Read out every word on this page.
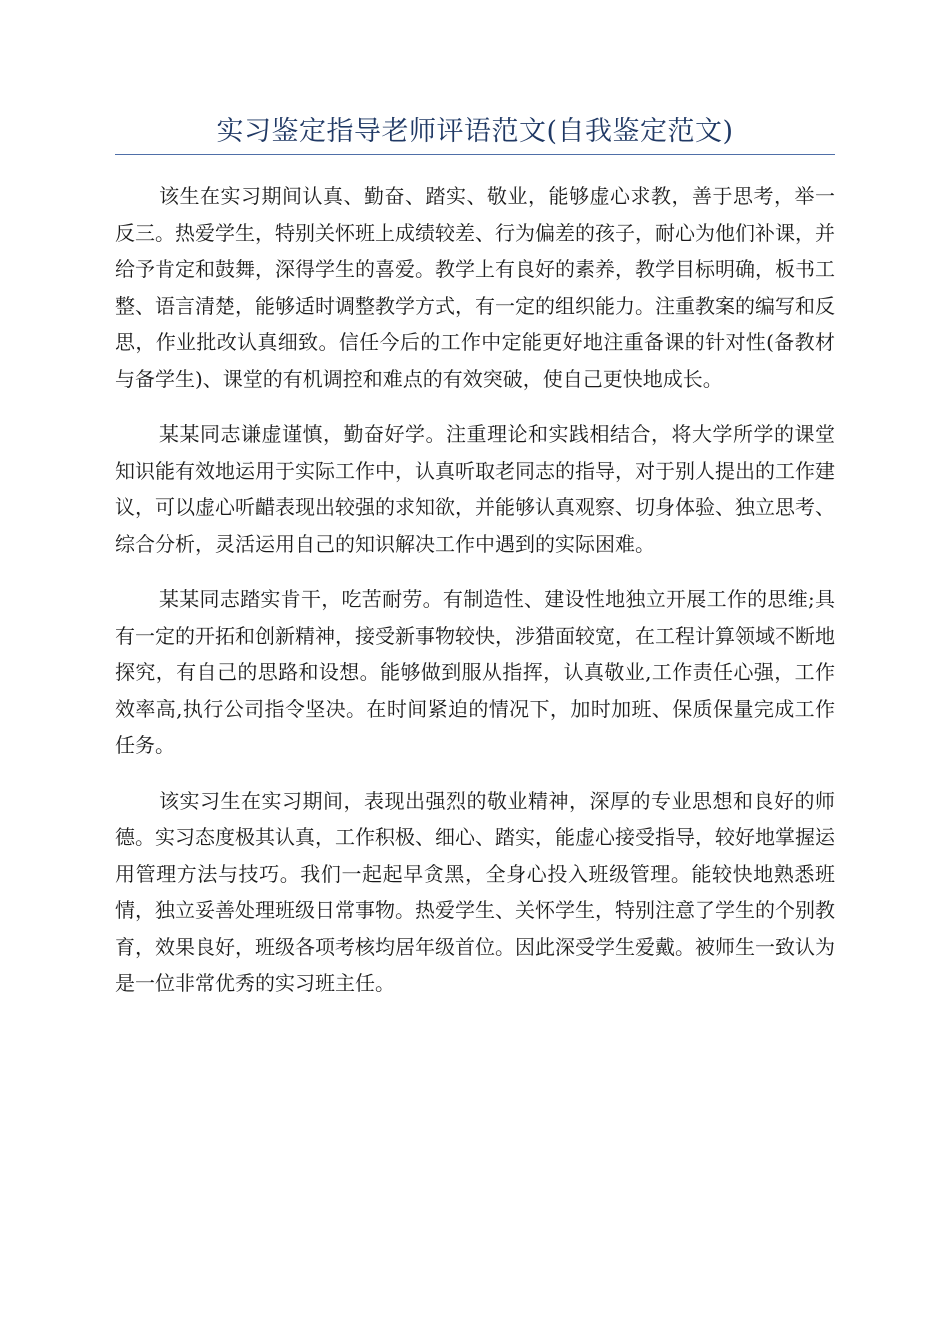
实习鉴定指导老师评语范文(自我鉴定范文)

该生在实习期间认真、勤奋、踏实、敬业，能够虚心求教，善于思考，举一反三。热爱学生，特别关怀班上成绩较差、行为偏差的孩子，耐心为他们补课，并给予肯定和鼓舞，深得学生的喜爱。教学上有良好的素养，教学目标明确，板书工整、语言清楚，能够适时调整教学方式，有一定的组织能力。注重教案的编写和反思，作业批改认真细致。信任今后的工作中定能更好地注重备课的针对性(备教材与备学生)、课堂的有机调控和难点的有效突破，使自己更快地成长。

某某同志谦虚谨慎，勤奋好学。注重理论和实践相结合，将大学所学的课堂知识能有效地运用于实际工作中，认真听取老同志的指导，对于别人提出的工作建议，可以虚心听齰表现出较强的求知欲，并能够认真观察、切身体验、独立思考、综合分析，灵活运用自己的知识解决工作中遇到的实际困难。

某某同志踏实肯干，吃苦耐劳。有制造性、建设性地独立开展工作的思维;具有一定的开拓和创新精神，接受新事物较快，涉猎面较宽，在工程计算领域不断地探究，有自己的思路和设想。能够做到服从指挥，认真敬业,工作责任心强，工作效率高,执行公司指令坚决。在时间紧迫的情况下，加时加班、保质保量完成工作任务。

该实习生在实习期间，表现出强烈的敬业精神，深厚的专业思想和良好的师德。实习态度极其认真，工作积极、细心、踏实，能虚心接受指导，较好地掌握运用管理方法与技巧。我们一起起早贪黑，全身心投入班级管理。能较快地熟悉班情，独立妥善处理班级日常事物。热爱学生、关怀学生，特别注意了学生的个别教育，效果良好，班级各项考核均居年级首位。因此深受学生爱戴。被师生一致认为是一位非常优秀的实习班主任。
